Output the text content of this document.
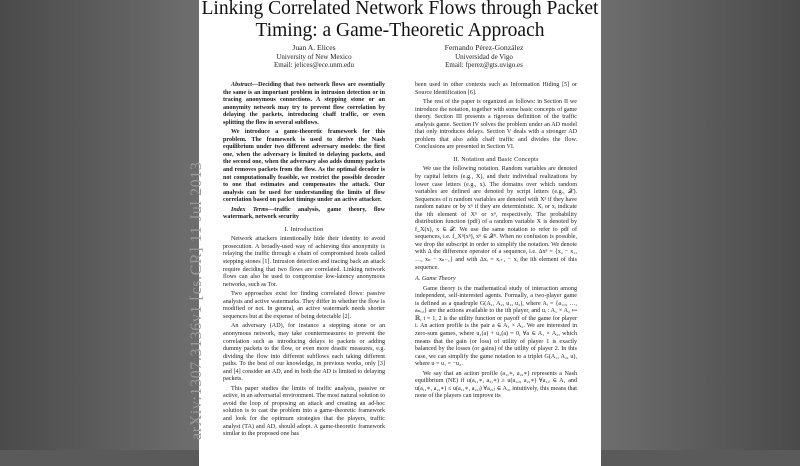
Linking Correlated Network Flows through Packet
Timing: a Game-Theoretic Approach
Juan A. Elices
University of New Mexico
Email: jelices@ece.unm.edu
Fernando Pérez-González
Universidad de Vigo
Email: fperez@gts.uvigo.es

Abstract—Deciding that two network flows are essentially the same is an important problem in intrusion detection or in tracing anonymous connections. A stepping stone or an anonymity network may try to prevent flow correlation by delaying the packets, introducing chaff traffic, or even splitting the flow in several subflows.

We introduce a game-theoretic framework for this problem. The framework is used to derive the Nash equilibrium under two different adversary models: the first one, when the adversary is limited to delaying packets, and the second one, when the adversary also adds dummy packets and removes packets from the flow. As the optimal decoder is not computationally feasible, we restrict the possible decoder to one that estimates and compensates the attack. Our analysis can be used for understanding the limits of flow correlation based on packet timings under an active attacker.

Index Terms—traffic analysis, game theory, flow watermark, network security

I. Introduction

Network attackers intentionally hide their identity to avoid prosecution. A broadly-used way of achieving this anonymity is relaying the traffic through a chain of compromised hosts called stepping stones [1]. Intrusion detection and tracing back an attack require deciding that two flows are correlated. Linking network flows can also be used to compromise low-latency anonymous networks, such as Tor.

Two approaches exist for finding correlated flows: passive analysis and active watermarks. They differ in whether the flow is modified or not. In general, an active watermark needs shorter sequences but at the expense of being detectable [2].

An adversary (AD), for instance a stepping stone or an anonymous network, may take countermeasures to prevent the correlation such as introducing delays to packets or adding dummy packets to the flow, or even more drastic measures, e.g. dividing the flow into different subflows each taking different paths. To the best of our knowledge, in previous works, only [3] and [4] consider an AD, and in both the AD is limited to delaying packets.

This paper studies the limits of traffic analysis, passive or active, in an adversarial environment. The most natural solution to avoid the loop of proposing an attack and creating an ad-hoc solution is to cast the problem into a game-theoretic framework and look for the optimum strategies that the players, traffic analyst (TA) and AD, should adopt. A game-theoretic framework similar to the proposed one has

been used in other contexts such as Information Hiding [5] or Source Identification [6].

The rest of the paper is organized as follows: in Section II we introduce the notation, together with some basic concepts of game theory. Section III presents a rigorous definition of the traffic analysis game. Section IV solves the problem under an AD model that only introduces delays. Section V deals with a stronger AD problem that also adds chaff traffic and divides the flow. Conclusions are presented in Section VI.

II. Notation and Basic Concepts

We use the following notation. Random variables are denoted by capital letters (e.g., X), and their individual realizations by lower case letters (e.g., x). The domains over which random variables are defined are denoted by script letters (e.g., 𝒳). Sequences of n random variables are denoted with Xⁿ if they have random nature or by xⁿ if they are deterministic. Xᵢ or xᵢ indicate the ith element of Xⁿ or xⁿ, respectively. The probability distribution function (pdf) of a random variable X is denoted by f_X(x), x ∈ 𝒳. We use the same notation to refer to pdf of sequences, i.e. f_Xⁿ(xⁿ), xⁿ ∈ 𝒳ⁿ. When no confusion is possible, we drop the subscript in order to simplify the notation. We denote with Δ the difference operator of a sequence, i.e. Δxⁿ = {x₂ − x₁, …, xₙ − xₙ₋₁} and with Δxᵢ = xᵢ₊₁ − xᵢ the ith element of this sequence.

A. Game Theory

Game theory is the mathematical study of interaction among independent, self-interested agents. Formally, a two-player game is defined as a quadruple G(A₁, A₂, u₁, u₂), where Aᵢ = {a₁,ᵢ, …, aₙᵢ,ᵢ} are the actions available to the ith player, and uᵢ : A₁ × A₂ ↦ ℝ, i = 1, 2 is the utility function or payoff of the game for player i. An action profile is the pair a ∈ A₁ × A₂. We are interested in zero-sum games, where u₁(a) + u₂(a) = 0, ∀a ∈ A₁ × A₂, which means that the gain (or loss) of utility of player 1 is exactly balanced by the losses (or gains) of the utility of player 2. In this case, we can simplify the game notation to a triplet G(A₁, A₂, u), where u = u₁ = −u₂.

We say that an action profile (a₁,∗, a₂,∗) represents a Nash equilibrium (NE) if u(a₁,∗, a₂,∗) ≥ u(a₁,ᵢ, a₂,∗) ∀a₁,ᵢ ∈ A₁ and u(a₁,∗, a₂,∗) ≤ u(a₁,∗, a₂,ⱼ) ∀a₂,ⱼ ∈ A₂, intuitively, this means that none of the players can improve its

arXiv:1307.3136v1 [cs.CR] 11 Jul 2013
